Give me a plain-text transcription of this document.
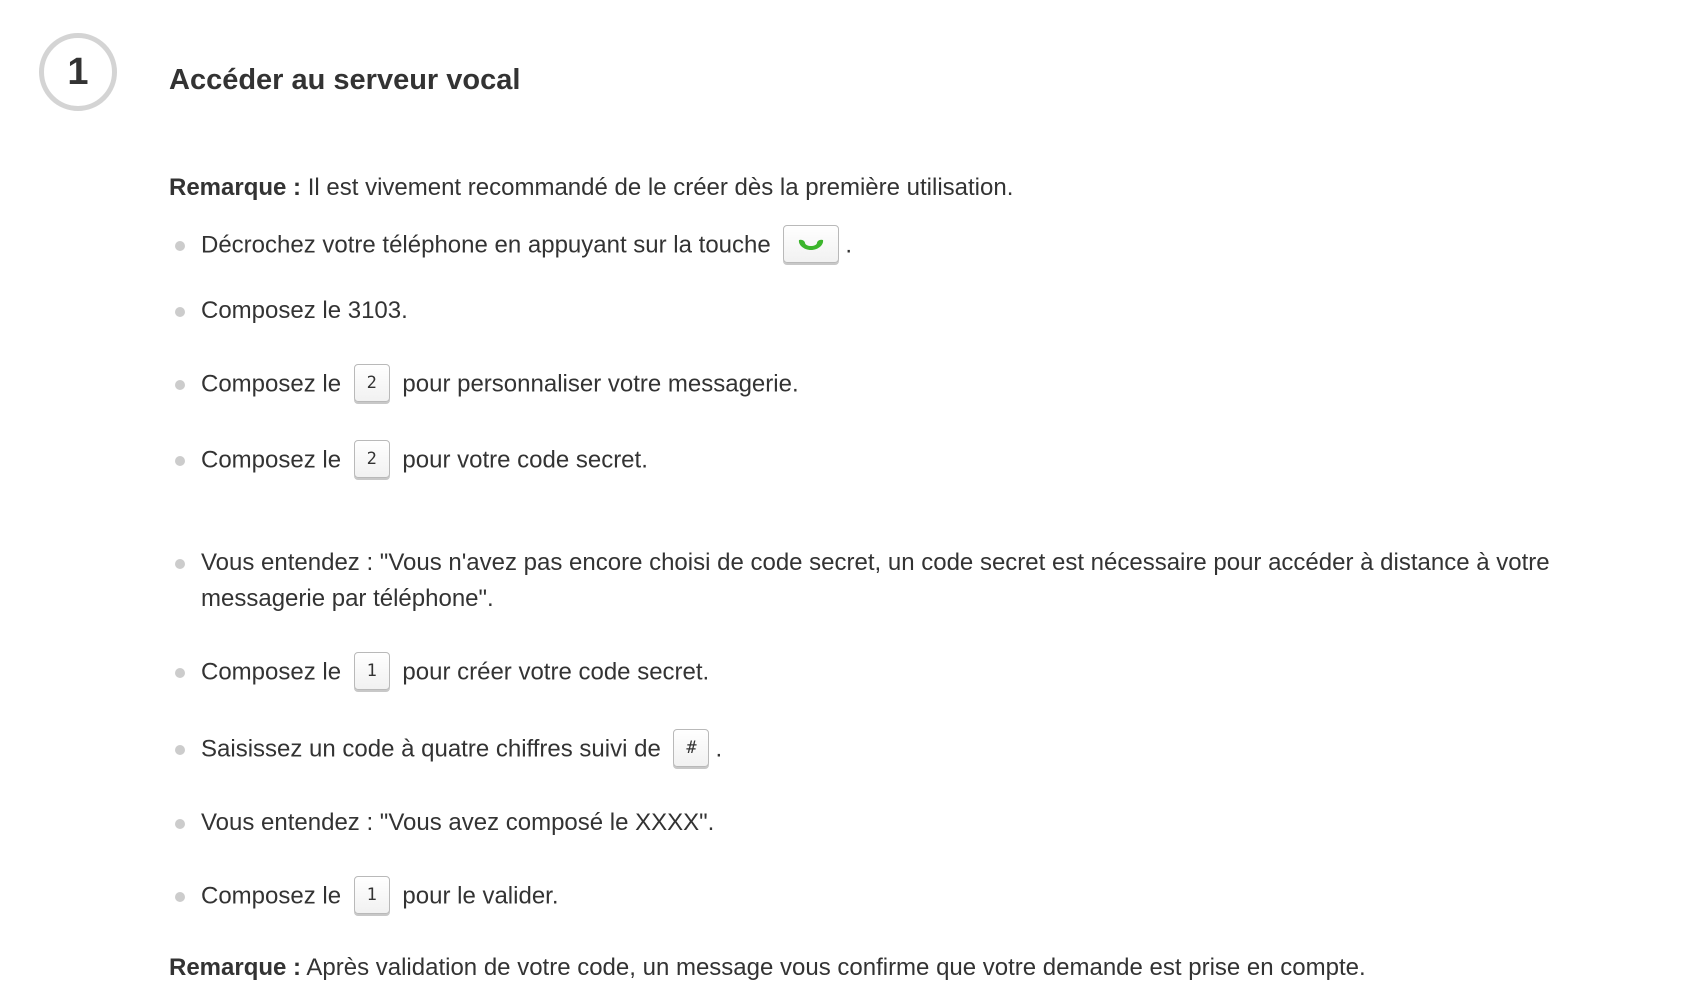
1	Accéder au serveur vocal

Remarque : Il est vivement recommandé de le créer dès la première utilisation.

Décrochez votre téléphone en appuyant sur la touche	.
Composez le 3103.
Composez le 2 pour personnaliser votre messagerie.
Composez le 2 pour votre code secret.
Vous entendez : "Vous n'avez pas encore choisi de code secret, un code secret est nécessaire pour accéder à distance à votre messagerie par téléphone".
Composez le 1 pour créer votre code secret.
Saisissez un code à quatre chiffres suivi de # .
Vous entendez : "Vous avez composé le XXXX".
Composez le 1 pour le valider.

Remarque : Après validation de votre code, un message vous confirme que votre demande est prise en compte.
